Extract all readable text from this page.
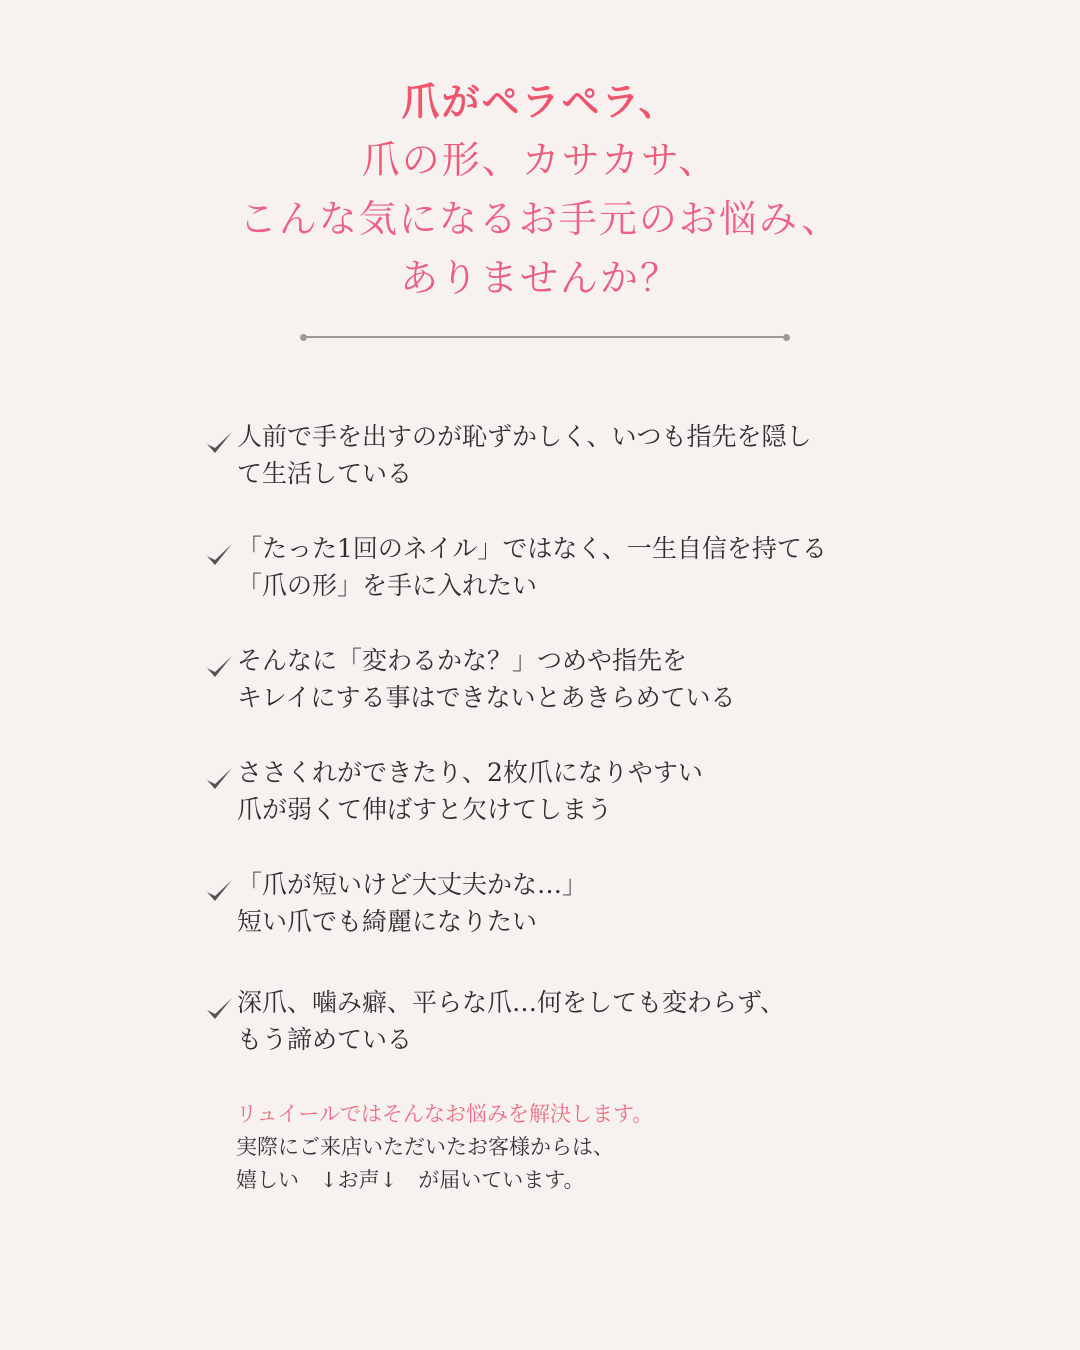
爪がペラペラ、
爪の形、カサカサ、
こんな気になるお手元のお悩み、
ありませんか？
人前で手を出すのが恥ずかしく、いつも指先を隠し
て生活している
「たった1回のネイル」ではなく、一生自信を持てる
「爪の形」を手に入れたい
そんなに「変わるかな？」つめや指先を
キレイにする事はできないとあきらめている
ささくれができたり、2枚爪になりやすい
爪が弱くて伸ばすと欠けてしまう
「爪が短いけど大丈夫かな…」
短い爪でも綺麗になりたい
深爪、噛み癖、平らな爪…何をしても変わらず、
もう諦めている
リュイールではそんなお悩みを解決します。
実際にご来店いただいたお客様からは、
嬉しい　↓お声↓　が届いています。
